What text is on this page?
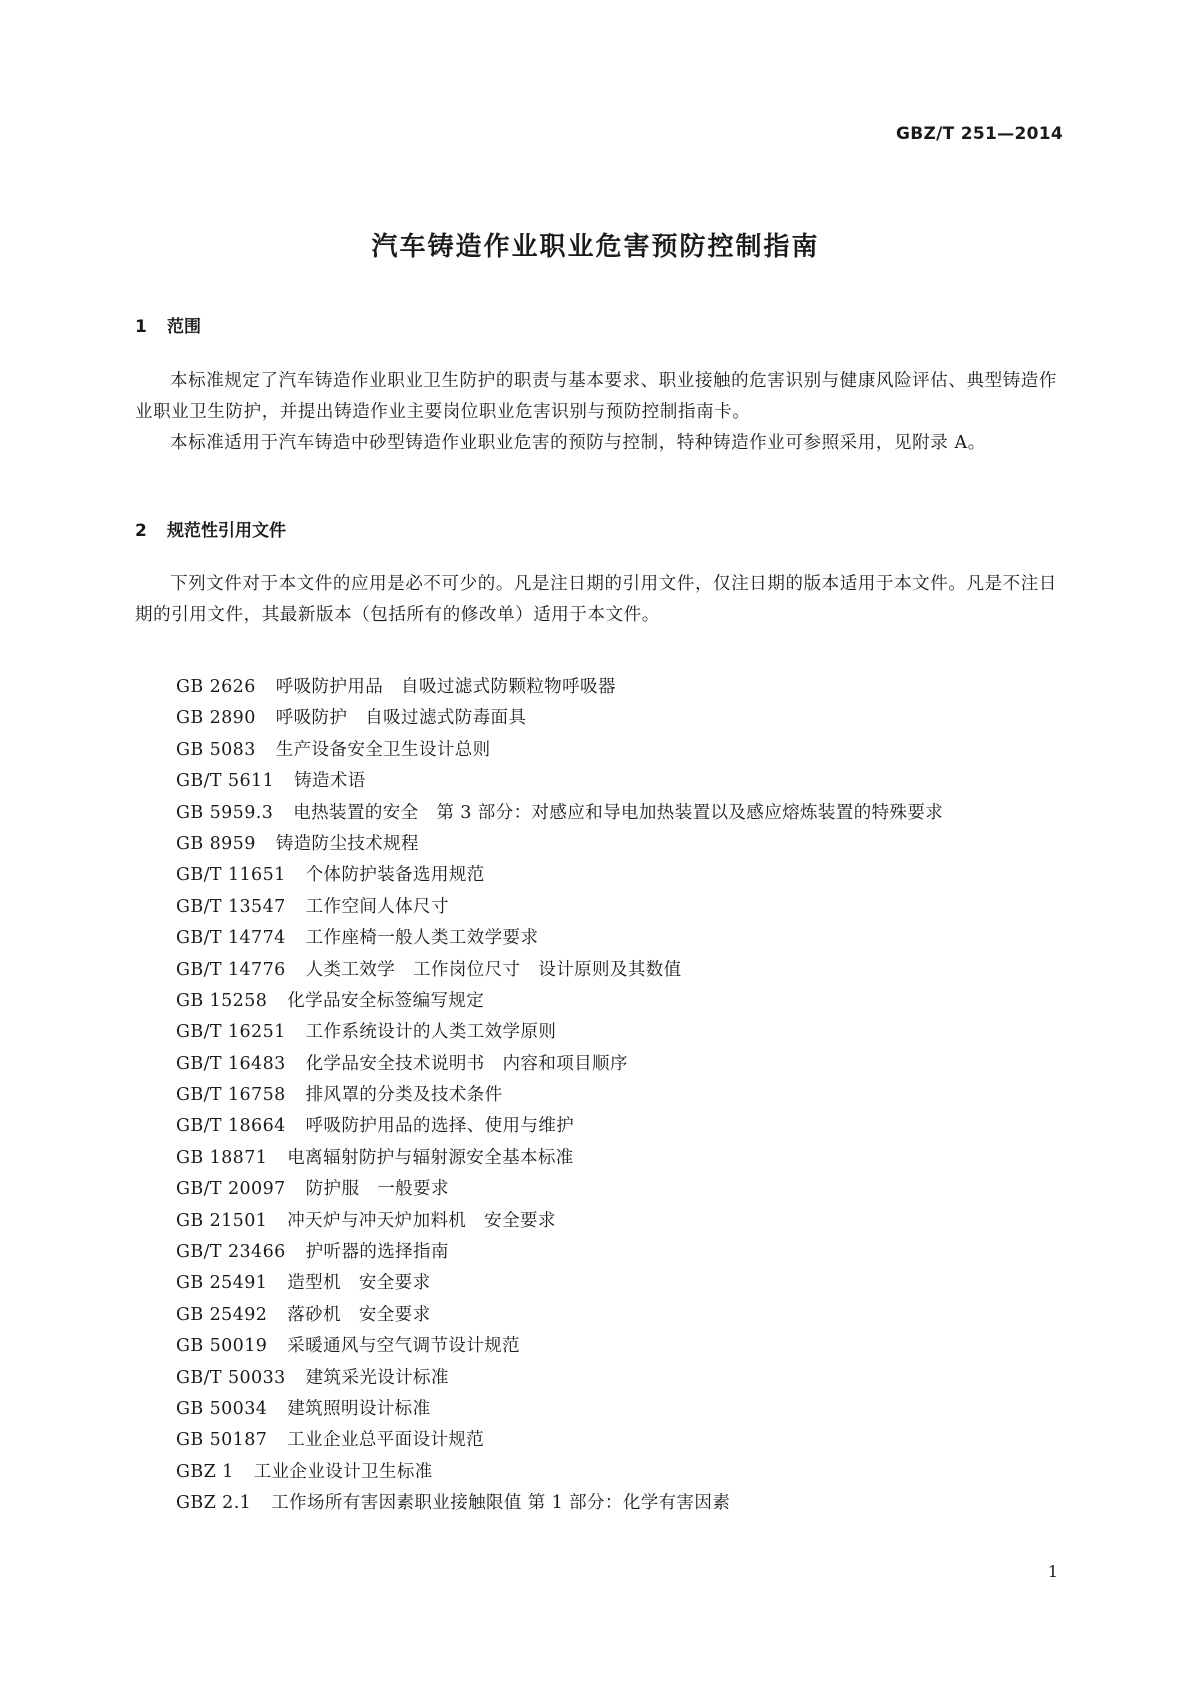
GBZ/T 251—2014
汽车铸造作业职业危害预防控制指南
1 范围
本标准规定了汽车铸造作业职业卫生防护的职责与基本要求、职业接触的危害识别与健康风险评估、典型铸造作业职业卫生防护，并提出铸造作业主要岗位职业危害识别与预防控制指南卡。
本标准适用于汽车铸造中砂型铸造作业职业危害的预防与控制，特种铸造作业可参照采用，见附录 A。
2 规范性引用文件
下列文件对于本文件的应用是必不可少的。凡是注日期的引用文件，仅注日期的版本适用于本文件。凡是不注日期的引用文件，其最新版本（包括所有的修改单）适用于本文件。
GB 2626 呼吸防护用品　自吸过滤式防颗粒物呼吸器
GB 2890 呼吸防护　自吸过滤式防毒面具
GB 5083 生产设备安全卫生设计总则
GB/T 5611 铸造术语
GB 5959.3 电热装置的安全　第 3 部分：对感应和导电加热装置以及感应熔炼装置的特殊要求
GB 8959 铸造防尘技术规程
GB/T 11651 个体防护装备选用规范
GB/T 13547 工作空间人体尺寸
GB/T 14774 工作座椅一般人类工效学要求
GB/T 14776 人类工效学　工作岗位尺寸　设计原则及其数值
GB 15258 化学品安全标签编写规定
GB/T 16251 工作系统设计的人类工效学原则
GB/T 16483 化学品安全技术说明书　内容和项目顺序
GB/T 16758 排风罩的分类及技术条件
GB/T 18664 呼吸防护用品的选择、使用与维护
GB 18871 电离辐射防护与辐射源安全基本标准
GB/T 20097 防护服　一般要求
GB 21501 冲天炉与冲天炉加料机　安全要求
GB/T 23466 护听器的选择指南
GB 25491 造型机　安全要求
GB 25492 落砂机　安全要求
GB 50019 采暖通风与空气调节设计规范
GB/T 50033 建筑采光设计标准
GB 50034 建筑照明设计标准
GB 50187 工业企业总平面设计规范
GBZ 1 工业企业设计卫生标准
GBZ 2.1 工作场所有害因素职业接触限值 第 1 部分：化学有害因素
1
